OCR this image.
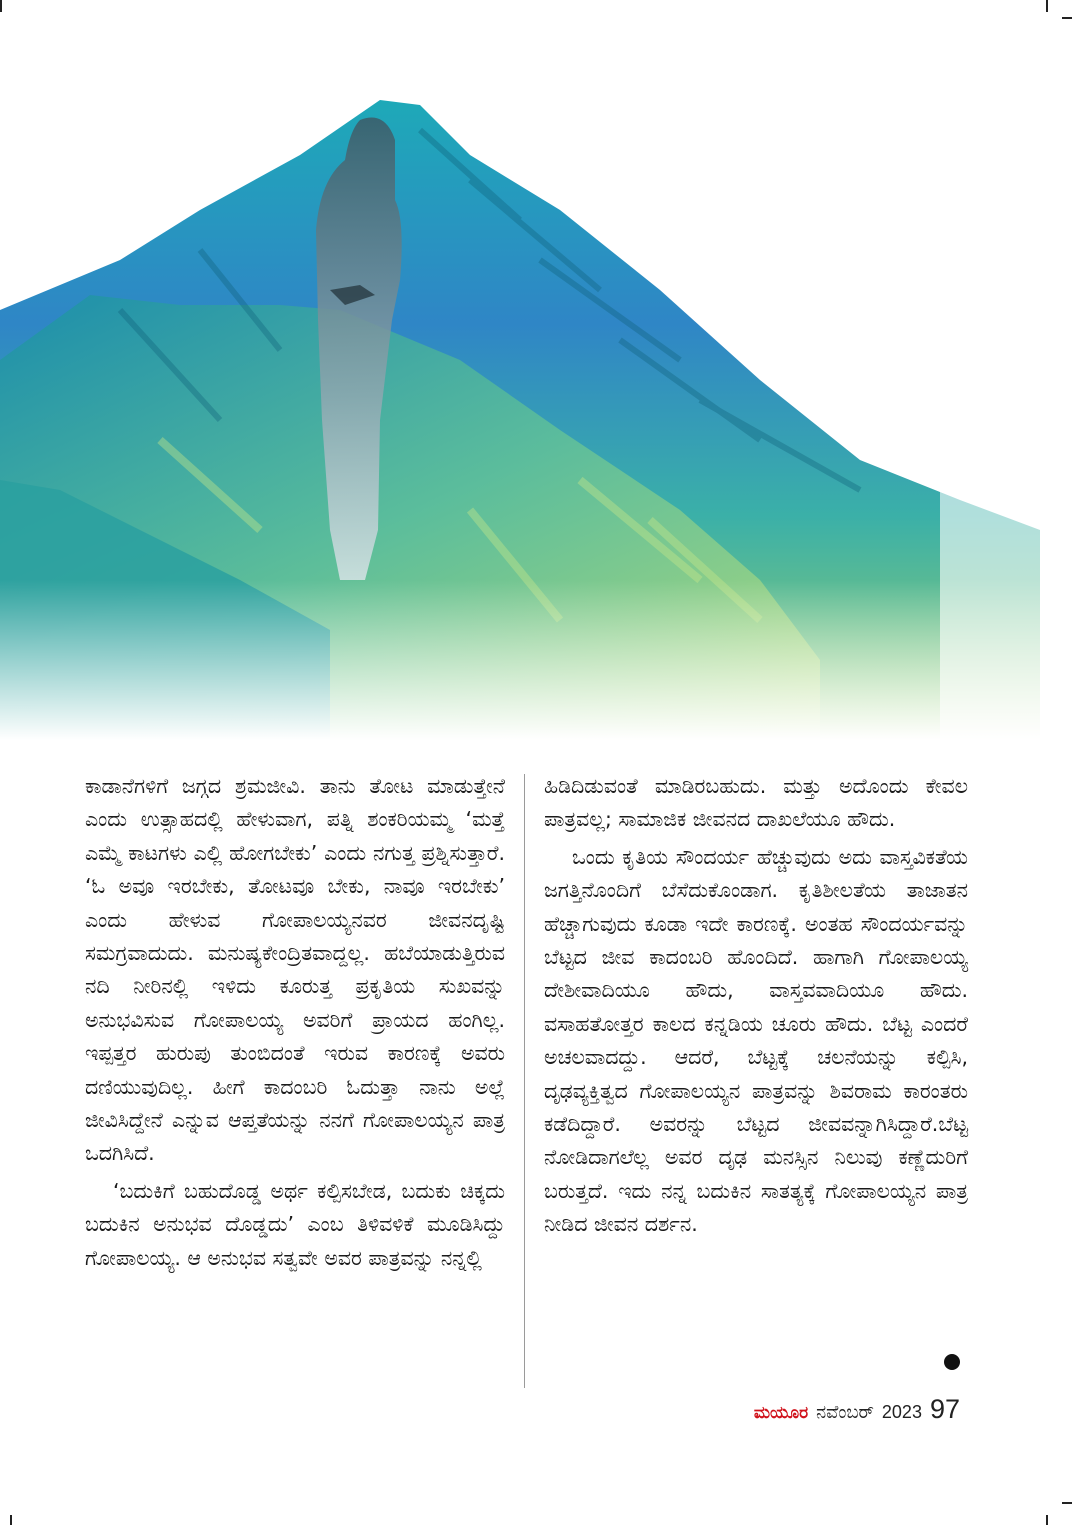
ಕಾಡಾನೆಗಳಿಗೆ ಜಗ್ಗದ ಶ್ರಮಜೀವಿ. ತಾನು ತೋಟ ಮಾಡುತ್ತೇನೆ ಎಂದು ಉತ್ಸಾಹದಲ್ಲಿ ಹೇಳುವಾಗ, ಪತ್ನಿ ಶಂಕರಿಯಮ್ಮ ‘ಮತ್ತೆ ಎಮ್ಮೆ ಕಾಟಗಳು ಎಲ್ಲಿ ಹೋಗಬೇಕು’ ಎಂದು ನಗುತ್ತ ಪ್ರಶ್ನಿಸುತ್ತಾರೆ. ‘ಓ ಅವೂ ಇರಬೇಕು, ತೋಟವೂ ಬೇಕು, ನಾವೂ ಇರಬೇಕು’ ಎಂದು ಹೇಳುವ ಗೋಪಾಲಯ್ಯನವರ ಜೀವನದೃಷ್ಟಿ ಸಮಗ್ರವಾದುದು. ಮನುಷ್ಯಕೇಂದ್ರಿತವಾದ್ದಲ್ಲ. ಹಬೆಯಾಡುತ್ತಿರುವ ನದಿ ನೀರಿನಲ್ಲಿ ಇಳಿದು ಕೂರುತ್ತ ಪ್ರಕೃತಿಯ ಸುಖವನ್ನು ಅನುಭವಿಸುವ ಗೋಪಾಲಯ್ಯ ಅವರಿಗೆ ಪ್ರಾಯದ ಹಂಗಿಲ್ಲ. ಇಪ್ಪತ್ತರ ಹುರುಪು ತುಂಬಿದಂತೆ ಇರುವ ಕಾರಣಕ್ಕೆ ಅವರು ದಣಿಯುವುದಿಲ್ಲ. ಹೀಗೆ ಕಾದಂಬರಿ ಓದುತ್ತಾ ನಾನು ಅಲ್ಲೆ ಜೀವಿಸಿದ್ದೇನೆ ಎನ್ನುವ ಆಪ್ತತೆಯನ್ನು ನನಗೆ ಗೋಪಾಲಯ್ಯನ ಪಾತ್ರ ಒದಗಿಸಿದೆ.

‘ಬದುಕಿಗೆ ಬಹುದೊಡ್ಡ ಅರ್ಥ ಕಲ್ಪಿಸಬೇಡ, ಬದುಕು ಚಿಕ್ಕದು ಬದುಕಿನ ಅನುಭವ ದೊಡ್ಡದು’ ಎಂಬ ತಿಳಿವಳಿಕೆ ಮೂಡಿಸಿದ್ದು ಗೋಪಾಲಯ್ಯ. ಆ ಅನುಭವ ಸತ್ವವೇ ಅವರ ಪಾತ್ರವನ್ನು ನನ್ನಲ್ಲಿ

ಹಿಡಿದಿಡುವಂತೆ ಮಾಡಿರಬಹುದು. ಮತ್ತು ಅದೊಂದು ಕೇವಲ ಪಾತ್ರವಲ್ಲ; ಸಾಮಾಜಿಕ ಜೀವನದ ದಾಖಲೆಯೂ ಹೌದು.

ಒಂದು ಕೃತಿಯ ಸೌಂದರ್ಯ ಹೆಚ್ಚುವುದು ಅದು ವಾಸ್ತವಿಕತೆಯ ಜಗತ್ತಿನೊಂದಿಗೆ ಬೆಸೆದುಕೊಂಡಾಗ. ಕೃತಿಶೀಲತೆಯ ತಾಜಾತನ ಹೆಚ್ಚಾಗುವುದು ಕೂಡಾ ಇದೇ ಕಾರಣಕ್ಕೆ. ಅಂತಹ ಸೌಂದರ್ಯವನ್ನು ಬೆಟ್ಟದ ಜೀವ ಕಾದಂಬರಿ ಹೊಂದಿದೆ. ಹಾಗಾಗಿ ಗೋಪಾಲಯ್ಯ ದೇಶೀವಾದಿಯೂ ಹೌದು, ವಾಸ್ತವವಾದಿಯೂ ಹೌದು. ವಸಾಹತೋತ್ತರ ಕಾಲದ ಕನ್ನಡಿಯ ಚೂರು ಹೌದು. ಬೆಟ್ಟ ಎಂದರೆ ಅಚಲವಾದದ್ದು. ಆದರೆ, ಬೆಟ್ಟಕ್ಕೆ ಚಲನೆಯನ್ನು ಕಲ್ಪಿಸಿ, ದೃಢವ್ಯಕ್ತಿತ್ವದ ಗೋಪಾಲಯ್ಯನ ಪಾತ್ರವನ್ನು ಶಿವರಾಮ ಕಾರಂತರು ಕಡೆದಿದ್ದಾರೆ. ಅವರನ್ನು ಬೆಟ್ಟದ ಜೀವವನ್ನಾಗಿಸಿದ್ದಾರೆ.ಬೆಟ್ಟ ನೋಡಿದಾಗಲೆಲ್ಲ ಅವರ ದೃಢ ಮನಸ್ಸಿನ ನಿಲುವು ಕಣ್ಣೆದುರಿಗೆ ಬರುತ್ತದೆ. ಇದು ನನ್ನ ಬದುಕಿನ ಸಾತತ್ಯಕ್ಕೆ ಗೋಪಾಲಯ್ಯನ ಪಾತ್ರ ನೀಡಿದ ಜೀವನ ದರ್ಶನ.

ಮಯೂರ ನವೆಂಬರ್ 2023 97
